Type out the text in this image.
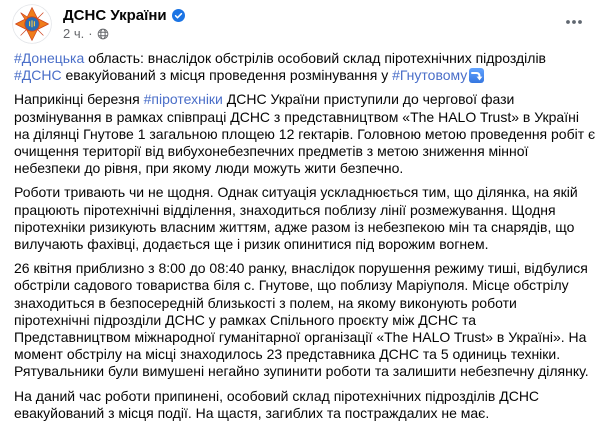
ДСНС України
2 ч. ·

#Донецька область: внаслідок обстрілів особовий склад піротехнічних підрозділів #ДСНС евакуйований з місця проведення розмінування у #Гнутовому

Наприкінці березня #піротехніки ДСНС України приступили до чергової фази розмінування в рамках співпраці ДСНС з представництвом «The HALO Trust» в Україні на ділянці Гнутове 1 загальною площею 12 гектарів. Головною метою проведення робіт є очищення території від вибухонебезпечних предметів з метою зниження мінної небезпеки до рівня, при якому люди можуть жити безпечно.

Роботи тривають чи не щодня. Однак ситуація ускладнюється тим, що ділянка, на якій працюють піротехнічні відділення, знаходиться поблизу лінії розмежування. Щодня піротехніки ризикують власним життям, адже разом із небезпекою мін та снарядів, що вилучають фахівці, додається ще і ризик опинитися під ворожим вогнем.

26 квітня приблизно з 8:00 до 08:40 ранку, внаслідок порушення режиму тиші, відбулися обстріли садового товариства біля с. Гнутове, що поблизу Маріуполя. Місце обстрілу знаходиться в безпосередній близькості з полем, на якому виконують роботи піротехнічні підрозділи ДСНС у рамках Спільного проєкту між ДСНС та Представництвом міжнародної гуманітарної організації «The HALO Trust» в Україні». На момент обстрілу на місці знаходилось 23 представника ДСНС та 5 одиниць техніки. Рятувальники були вимушені негайно зупинити роботи та залишити небезпечну ділянку.

На даний час роботи припинені, особовий склад піротехнічних підрозділів ДСНС евакуйований з місця події. На щастя, загиблих та постраждалих не має.
